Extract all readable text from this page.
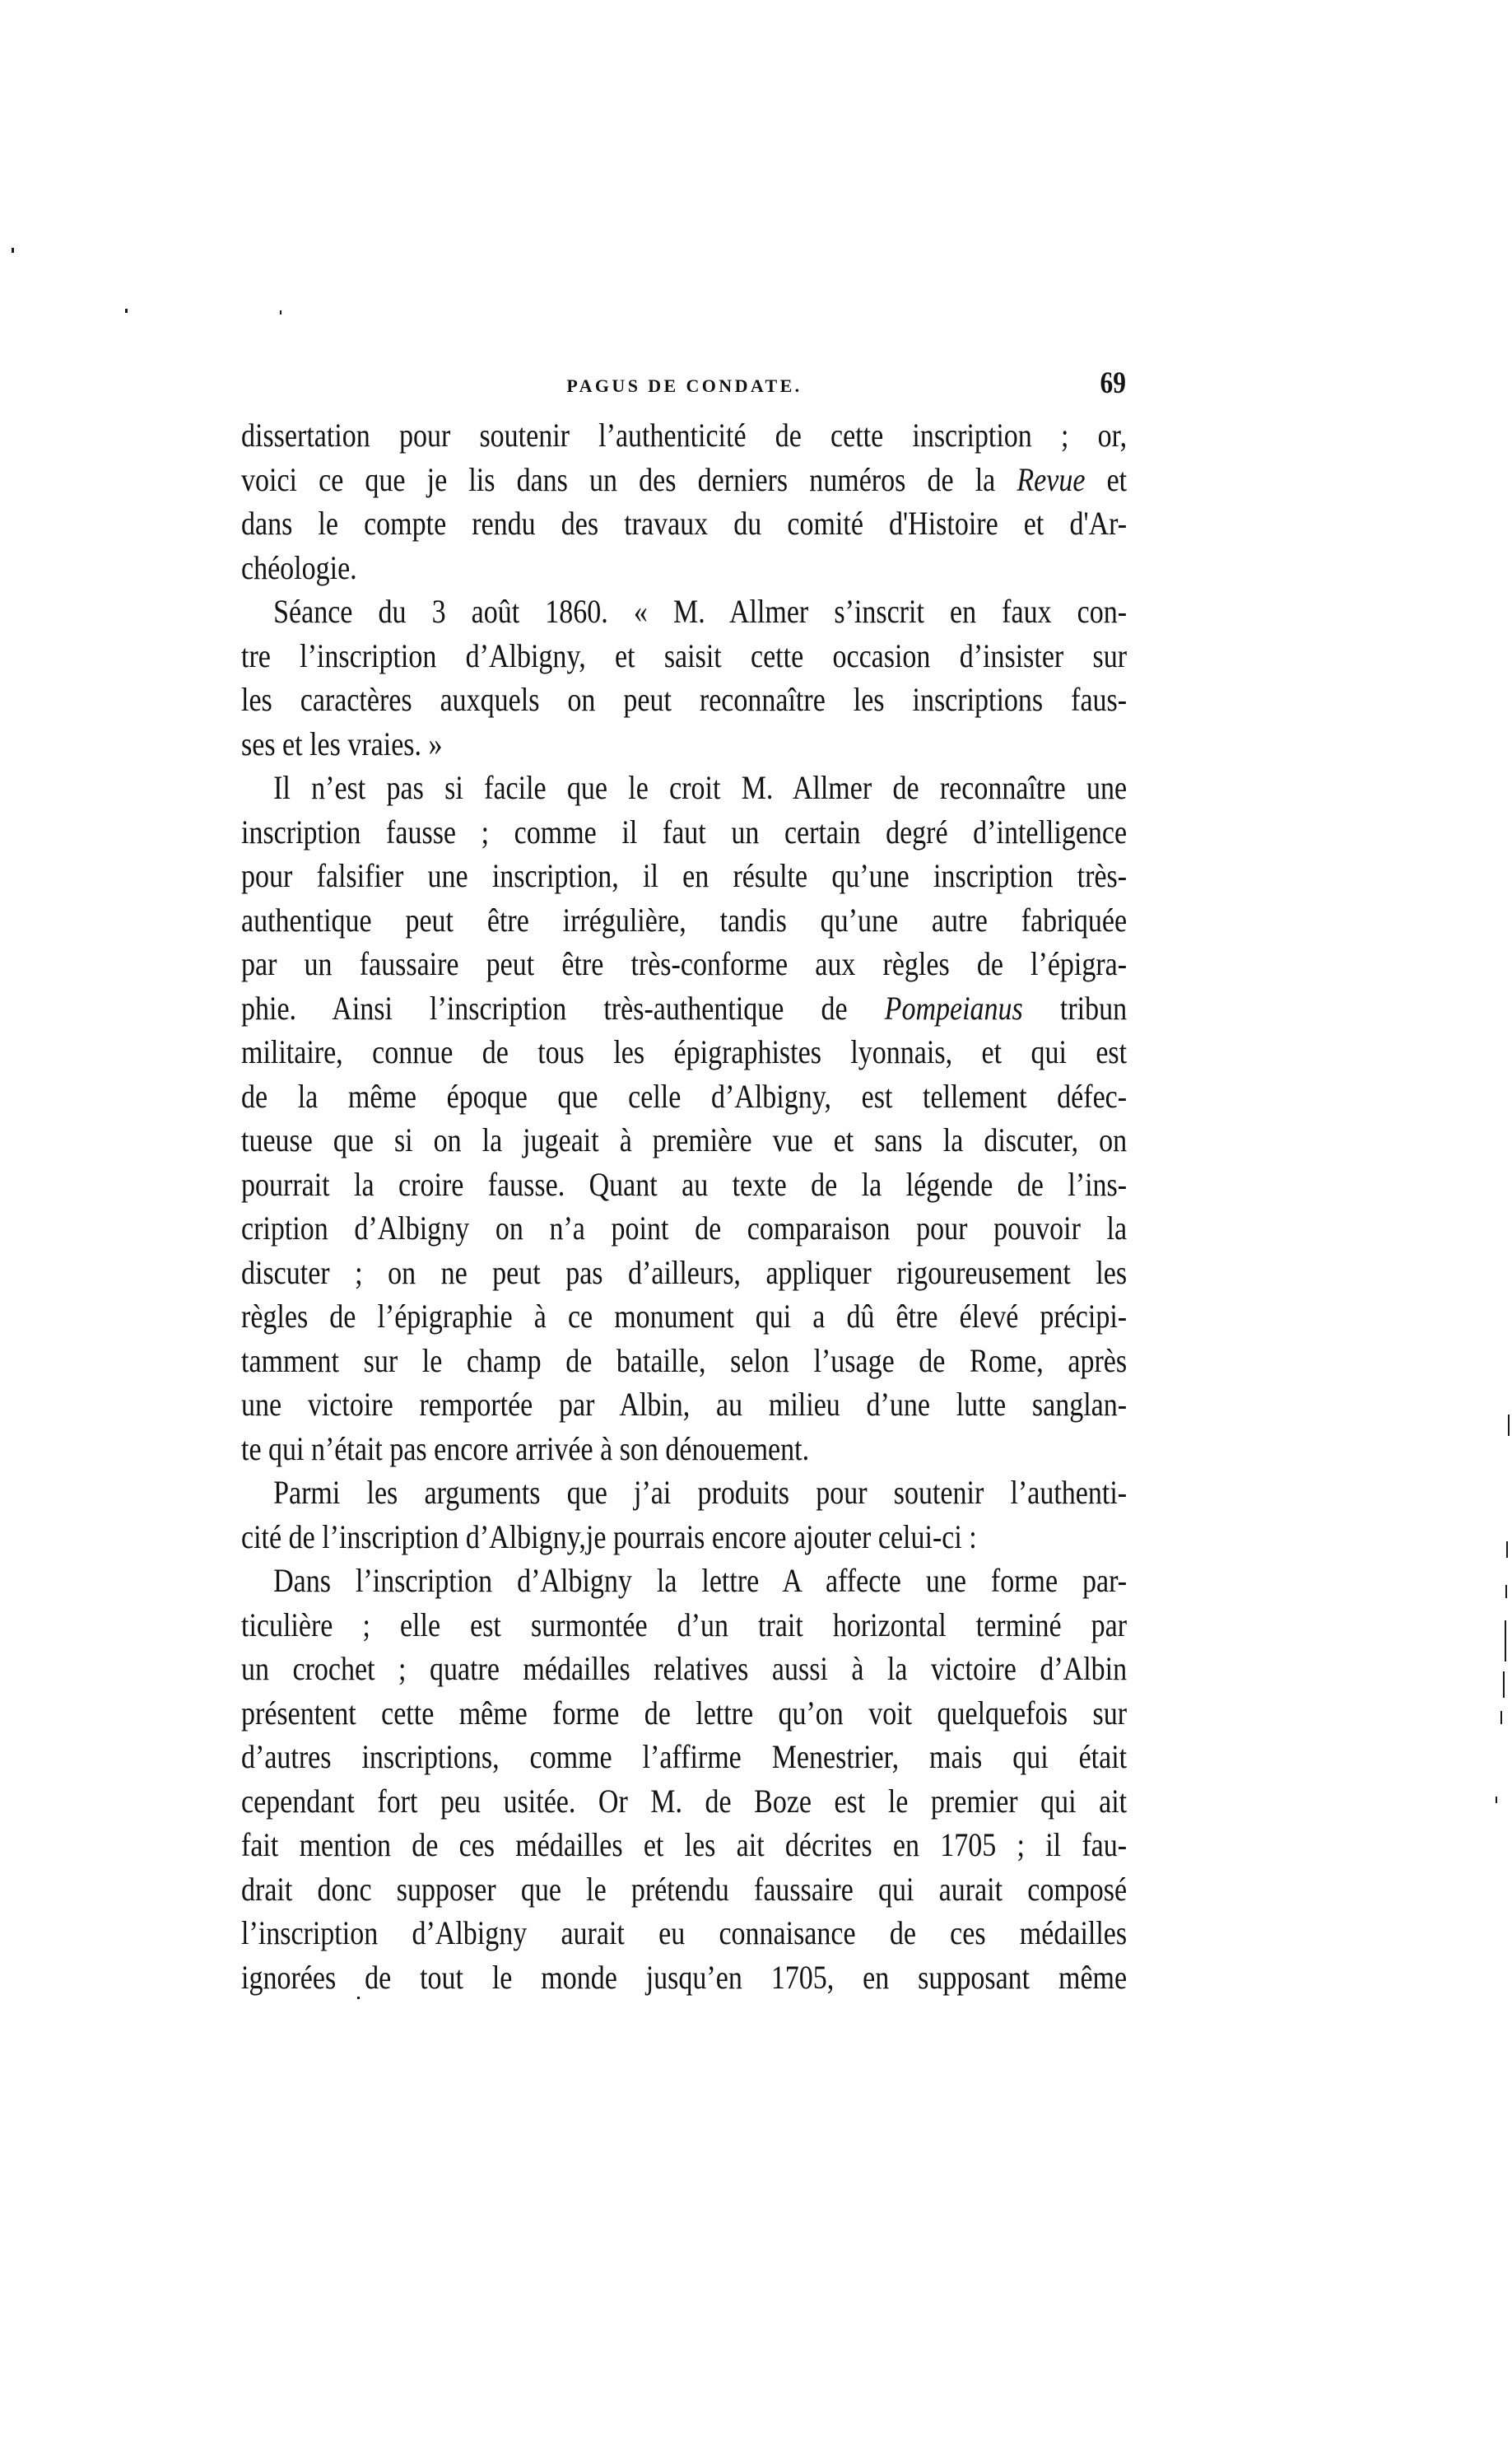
PAGUS DE CONDATE.	69
dissertation pour soutenir l’authenticité de cette inscription ; or,
voici ce que je lis dans un des derniers numéros de la Revue et
dans le compte rendu des travaux du comité d'Histoire et d'Ar-
chéologie.
Séance du 3 août 1860. « M. Allmer s’inscrit en faux con-
tre l’inscription d’Albigny, et saisit cette occasion d’insister sur
les caractères auxquels on peut reconnaître les inscriptions faus-
ses et les vraies. »
Il n’est pas si facile que le croit M. Allmer de reconnaître une
inscription fausse ; comme il faut un certain degré d’intelligence
pour falsifier une inscription, il en résulte qu’une inscription très-
authentique peut être irrégulière, tandis qu’une autre fabriquée
par un faussaire peut être très-conforme aux règles de l’épigra-
phie. Ainsi l’inscription très-authentique de Pompeianus tribun
militaire, connue de tous les épigraphistes lyonnais, et qui est
de la même époque que celle d’Albigny, est tellement défec-
tueuse que si on la jugeait à première vue et sans la discuter, on
pourrait la croire fausse. Quant au texte de la légende de l’ins-
cription d’Albigny on n’a point de comparaison pour pouvoir la
discuter ; on ne peut pas d’ailleurs, appliquer rigoureusement les
règles de l’épigraphie à ce monument qui a dû être élevé précipi-
tamment sur le champ de bataille, selon l’usage de Rome, après
une victoire remportée par Albin, au milieu d’une lutte sanglan-
te qui n’était pas encore arrivée à son dénouement.
Parmi les arguments que j’ai produits pour soutenir l’authenti-
cité de l’inscription d’Albigny,je pourrais encore ajouter celui-ci :
Dans l’inscription d’Albigny la lettre A affecte une forme par-
ticulière ; elle est surmontée d’un trait horizontal terminé par
un crochet ; quatre médailles relatives aussi à la victoire d’Albin
présentent cette même forme de lettre qu’on voit quelquefois sur
d’autres inscriptions, comme l’affirme Menestrier, mais qui était
cependant fort peu usitée. Or M. de Boze est le premier qui ait
fait mention de ces médailles et les ait décrites en 1705 ; il fau-
drait donc supposer que le prétendu faussaire qui aurait composé
l’inscription d’Albigny aurait eu connaisance de ces médailles
ignorées de tout le monde jusqu’en 1705, en supposant même
